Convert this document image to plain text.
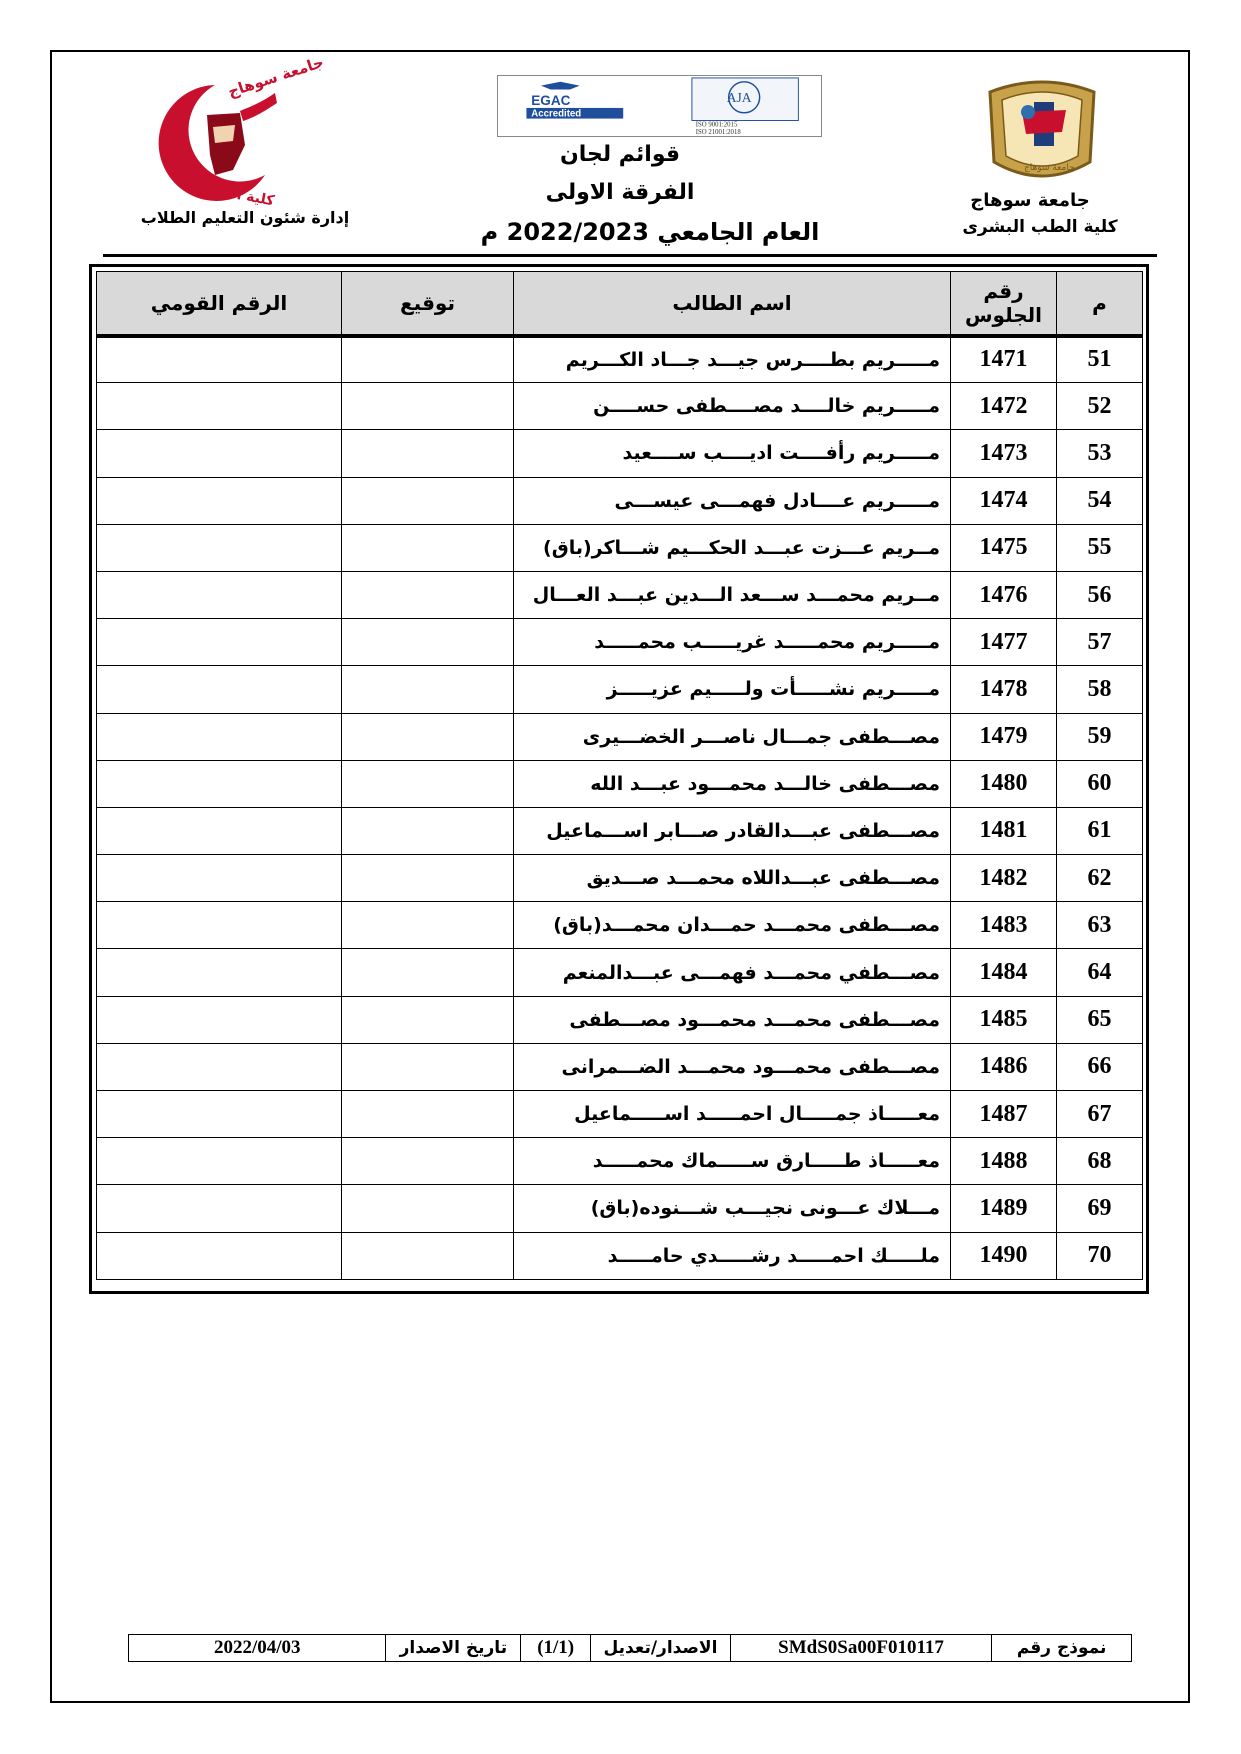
جامعة سوهاج
كلية الطب
EGAC
Accredited
AJA
ISO 9001:2015
ISO 21001:2018
جامعة سوهاج
قوائم لجان
الفرقة الاولى
العام الجامعي 2022/2023 م
جامعة سوهاج
كلية الطب البشرى
إدارة شئون التعليم الطلاب
م	رقم الجلوس	اسم الطالب	توقيع	الرقم القومي
51	1471	مـــــريم بطــــرس جيـــد جـــاد الكـــريم		
52	1472	مـــــريم خالــــد مصــــطفى حســــن		
53	1473	مـــــريم رأفــــت اديــــب ســــعيد		
54	1474	مـــــريم عــــادل فهمـــى عيســـى		
55	1475	مــريم عـــزت عبـــد الحكـــيم شـــاكر(باق)		
56	1476	مــريم محمـــد ســـعد الـــدين عبـــد العـــال		
57	1477	مـــــريم محمـــــد غريـــــب محمـــــد		
58	1478	مـــــريم نشـــــأت ولـــــيم عزيـــــز		
59	1479	مصـــطفى جمـــال ناصـــر الخضـــيرى		
60	1480	مصـــطفى خالـــد محمـــود عبـــد الله		
61	1481	مصـــطفى عبـــدالقادر صـــابر اســـماعيل		
62	1482	مصـــطفى عبـــداللاه محمـــد صـــديق		
63	1483	مصـــطفى محمـــد حمـــدان محمـــد(باق)		
64	1484	مصـــطفي محمـــد فهمـــى عبـــدالمنعم		
65	1485	مصـــطفى محمـــد محمـــود مصـــطفى		
66	1486	مصـــطفى محمـــود محمـــد الضـــمرانى		
67	1487	معـــــاذ جمـــــال احمـــــد اســـــماعيل		
68	1488	معـــــاذ طـــــارق ســـــماك محمـــــد		
69	1489	مـــلاك عـــونى نجيـــب شـــنوده(باق)		
70	1490	ملـــــك احمـــــد رشـــــدي حامـــــد		
نموذج رقم
SMdS0Sa00F010117
الاصدار/تعديل
(1/1)
تاريخ الاصدار
2022/04/03
